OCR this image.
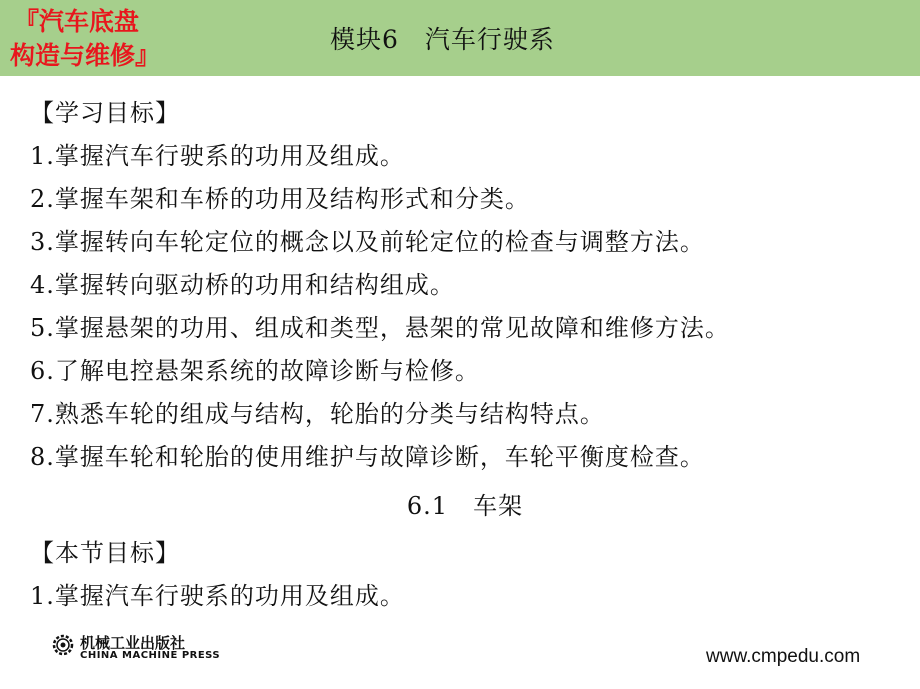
『汽车底盘
构造与维修』
模块6　汽车行驶系
【学习目标】
1.掌握汽车行驶系的功用及组成。
2.掌握车架和车桥的功用及结构形式和分类。
3.掌握转向车轮定位的概念以及前轮定位的检查与调整方法。
4.掌握转向驱动桥的功用和结构组成。
5.掌握悬架的功用、组成和类型，悬架的常见故障和维修方法。
6.了解电控悬架系统的故障诊断与检修。
7.熟悉车轮的组成与结构，轮胎的分类与结构特点。
8.掌握车轮和轮胎的使用维护与故障诊断，车轮平衡度检查。
6.1　车架
【本节目标】
1.掌握汽车行驶系的功用及组成。
机械工业出版社
CHINA MACHINE PRESS	www.cmpedu.com
